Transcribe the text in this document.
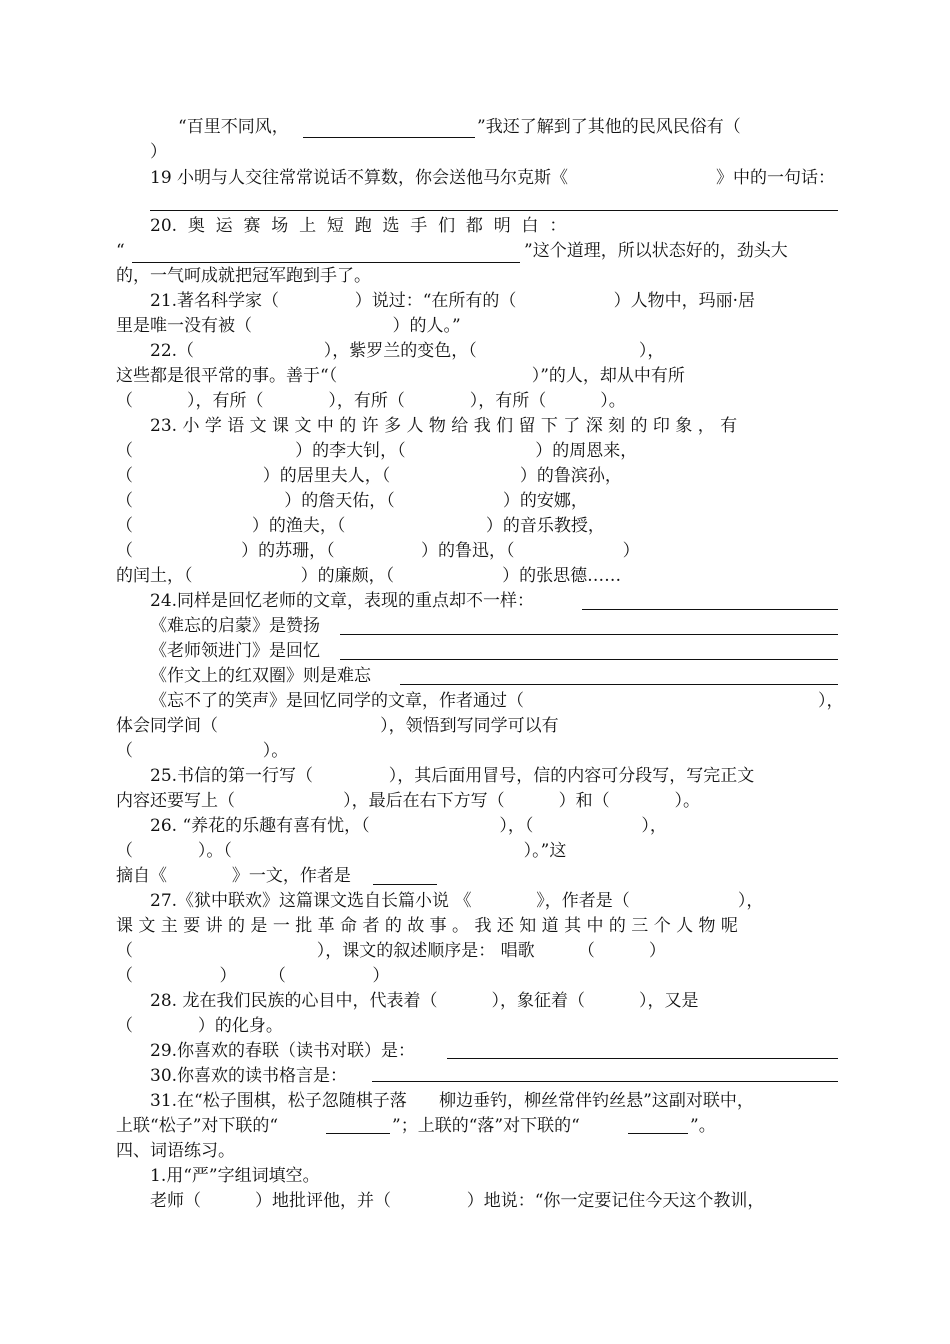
“百里不同风，	”我还了解到了其他的民风民俗有（
）
19 小明与人交往常常说话不算数，你会送他马尔克斯《	》中的一句话：
20.  奥  运  赛  场  上  短  跑  选  手  们  都  明  白  ：
“	”这个道理，所以状态好的，劲头大
的，一气呵成就把冠军跑到手了。
21.著名科学家（              ）说过：“在所有的（                  ）人物中，玛丽·居
里是唯一没有被（                          ）的人。”
22.（                        ），紫罗兰的变色，（                              ），
这些都是很平常的事。善于“（                                    ）”的人，却从中有所
（          ），有所（            ），有所（            ），有所（          ）。
23. 小 学 语 文 课 文 中 的 许 多 人 物 给 我 们 留 下 了 深 刻 的 印 象 ， 有
（                              ）的李大钊，（                        ）的周恩来，
（                        ）的居里夫人，（                        ）的鲁滨孙，
（                            ）的詹天佑，（                    ）的安娜，
（                      ）的渔夫，（                          ）的音乐教授，
（                    ）的苏珊，（                ）的鲁迅，（                    ）
的闰土，（                    ）的廉颇，（                    ）的张思德……
24.同样是回忆老师的文章，表现的重点却不一样：
《难忘的启蒙》是赞扬
《老师领进门》是回忆
《作文上的红双圈》则是难忘
《忘不了的笑声》是回忆同学的文章，作者通过（	），
体会同学间（                              ），领悟到写同学可以有
（                        ）。
25.书信的第一行写（              ），其后面用冒号，信的内容可分段写，写完正文
内容还要写上（                    ），最后在右下方写（          ）和（            ）。
26. “养花的乐趣有喜有忧，（                        ），（                    ），
（            ）。（                                                      ）。”这
摘自《            》一文，作者是
27.《狱中联欢》这篇课文选自长篇小说 《            》，作者是（                    ），
课 文 主 要 讲 的 是 一 批 革 命 者 的 故 事 。 我 还 知 道 其 中 的 三 个 人 物 呢
（                                  ），课文的叙述顺序是： 唱歌        （          ）
（                ）      （                ）
28. 龙在我们民族的心目中，代表着（          ），象征着（          ），又是
（            ）的化身。
29.你喜欢的春联（读书对联）是：
30.你喜欢的读书格言是：
31.在“松子围棋，松子忽随棋子落      柳边垂钓，柳丝常伴钓丝悬”这副对联中，
上联“松子”对下联的“	”；上联的“落”对下联的“	”。
四、词语练习。
1.用“严”字组词填空。
老师（          ）地批评他，并（              ）地说：“你一定要记住今天这个教训，
